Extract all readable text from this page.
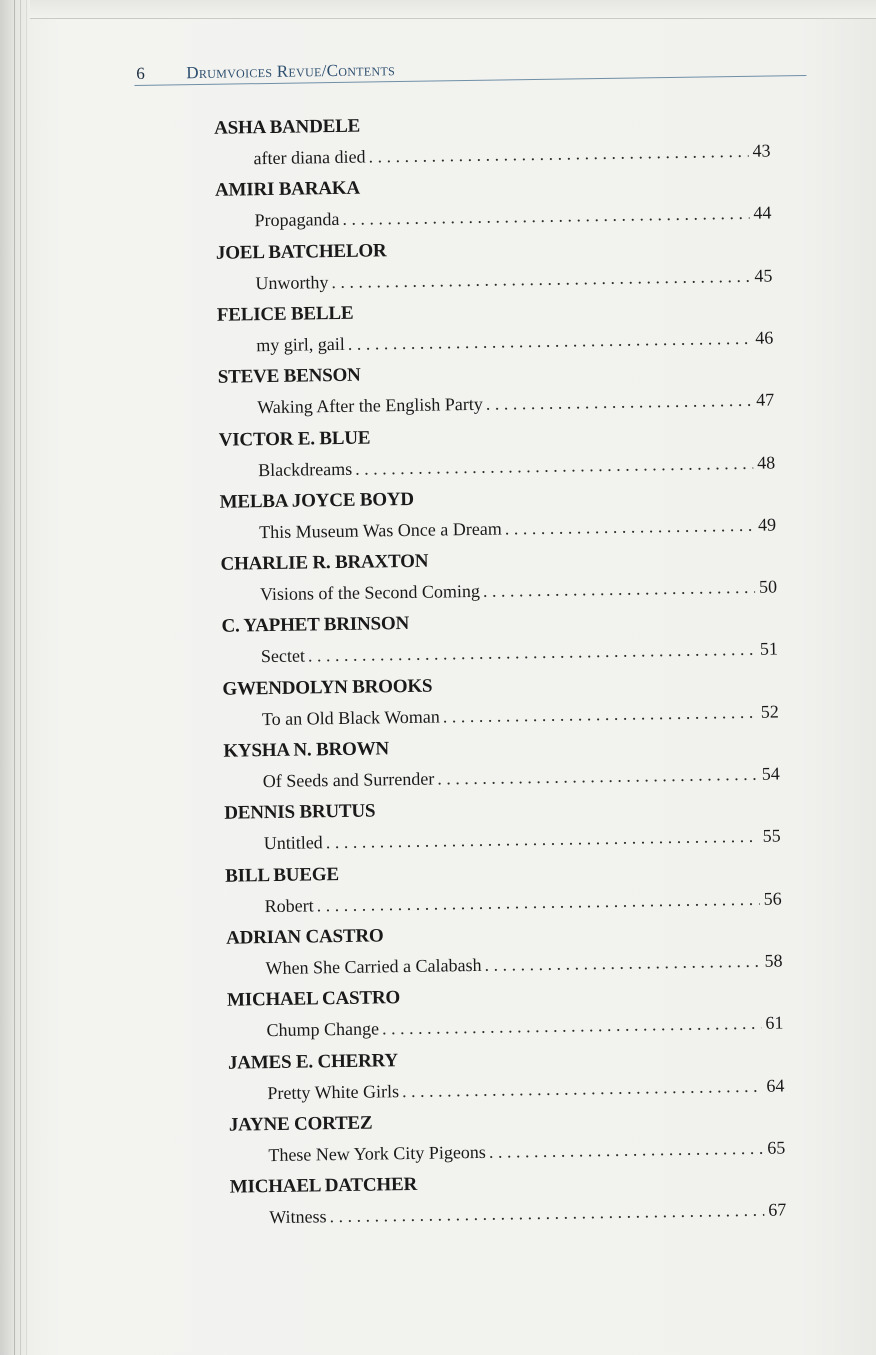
6 Drumvoices Revue/Contents
ASHA BANDELE
after diana died . . .	43
AMIRI BARAKA
Propaganda . . .	44
JOEL BATCHELOR
Unworthy . . .	45
FELICE BELLE
my girl, gail . . .	46
STEVE BENSON
Waking After the English Party . . .	47
VICTOR E. BLUE
Blackdreams . . .	48
MELBA JOYCE BOYD
This Museum Was Once a Dream . . .	49
CHARLIE R. BRAXTON
Visions of the Second Coming . . .	50
C. YAPHET BRINSON
Sectet . . .	51
GWENDOLYN BROOKS
To an Old Black Woman . . .	52
KYSHA N. BROWN
Of Seeds and Surrender . . .	54
DENNIS BRUTUS
Untitled . . .	55
BILL BUEGE
Robert . . .	56
ADRIAN CASTRO
When She Carried a Calabash . . .	58
MICHAEL CASTRO
Chump Change . . .	61
JAMES E. CHERRY
Pretty White Girls . . .	64
JAYNE CORTEZ
These New York City Pigeons . . .	65
MICHAEL DATCHER
Witness . . .	67
